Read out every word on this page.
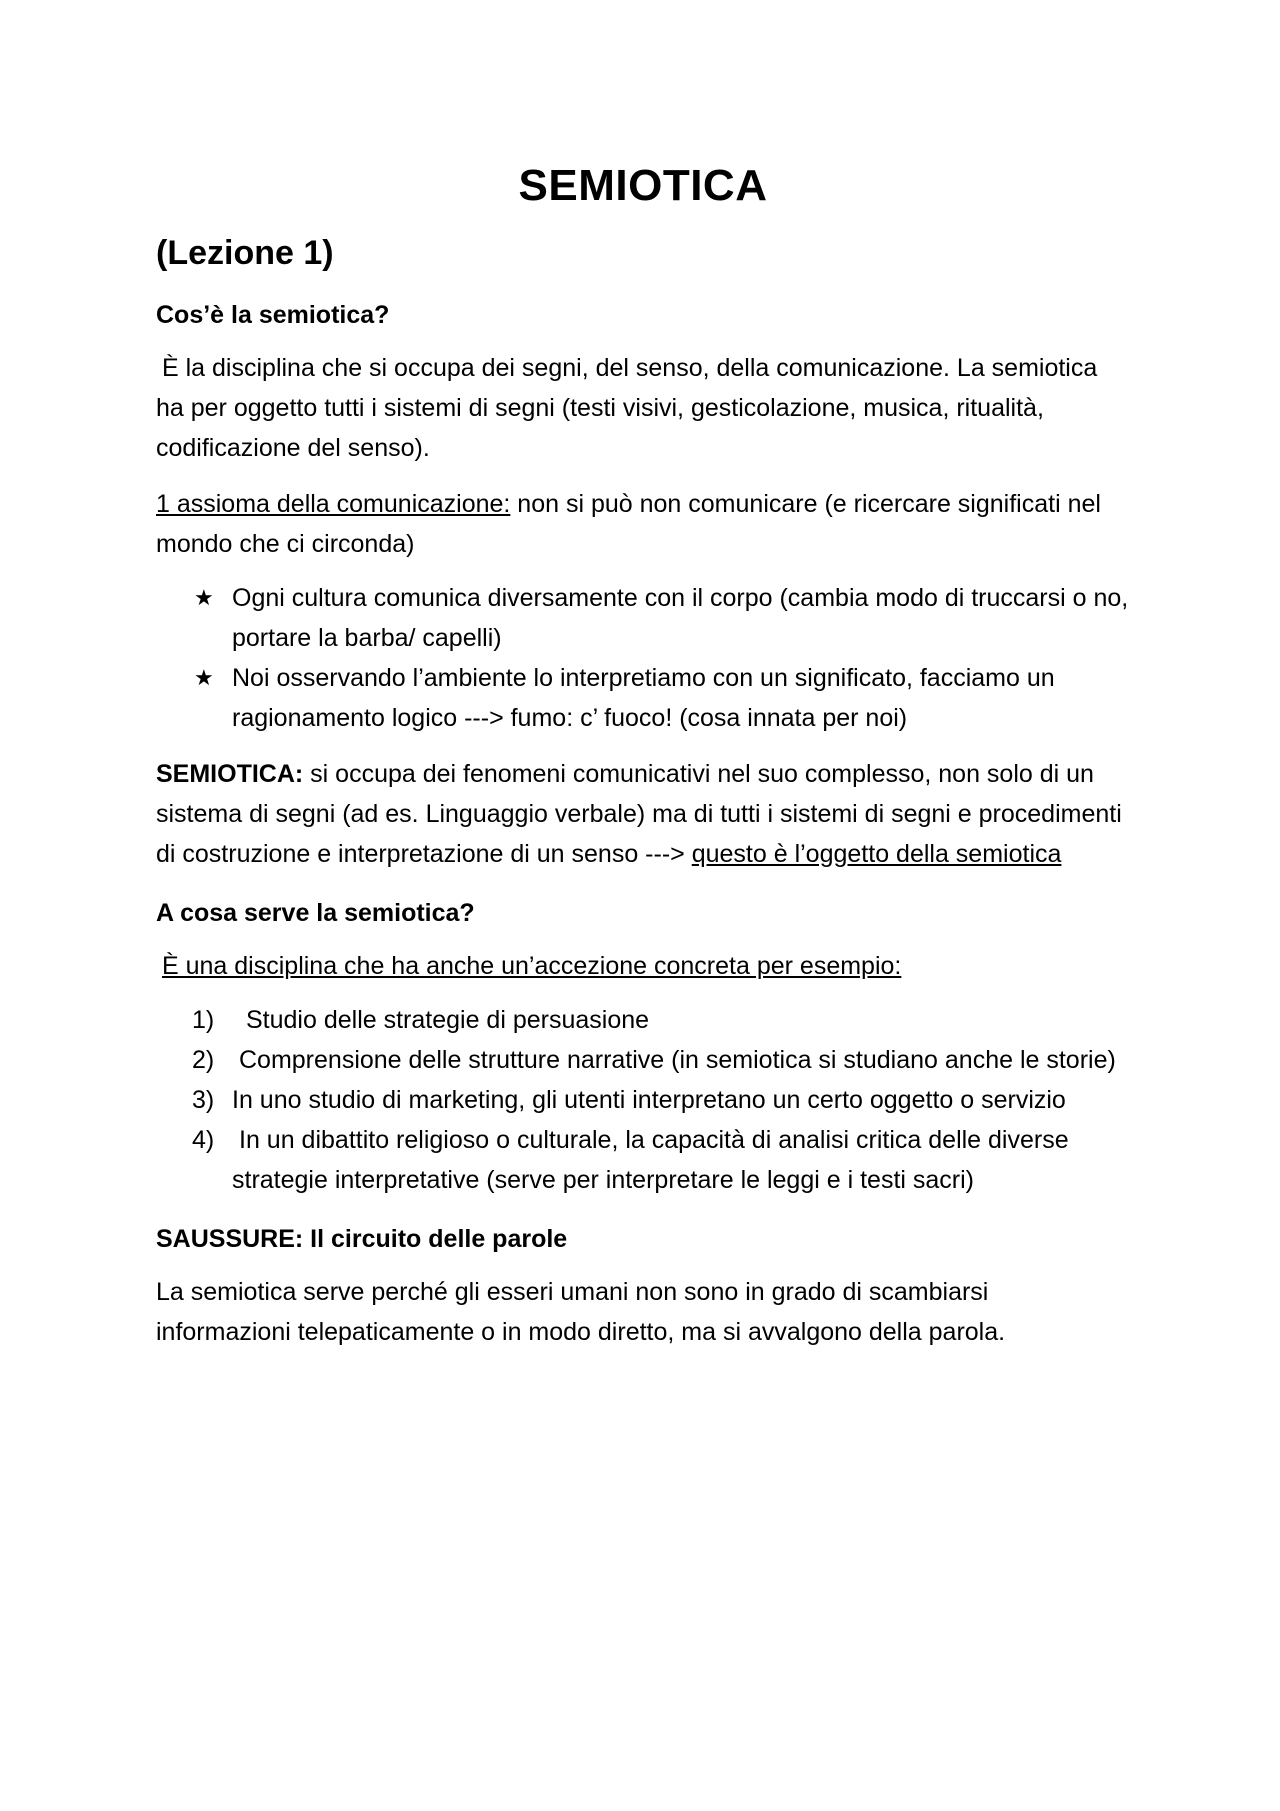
SEMIOTICA
(Lezione 1)
Cos’è la semiotica?

È la disciplina che si occupa dei segni, del senso, della comunicazione. La semiotica ha per oggetto tutti i sistemi di segni (testi visivi, gesticolazione, musica, ritualità, codificazione del senso).

1 assioma della comunicazione: non si può non comunicare (e ricercare significati nel mondo che ci circonda)

★ Ogni cultura comunica diversamente con il corpo (cambia modo di truccarsi o no, portare la barba/ capelli)
★ Noi osservando l’ambiente lo interpretiamo con un significato, facciamo un ragionamento logico ---> fumo: c’ fuoco! (cosa innata per noi)

SEMIOTICA: si occupa dei fenomeni comunicativi nel suo complesso, non solo di un sistema di segni (ad es. Linguaggio verbale) ma di tutti i sistemi di segni e procedimenti di costruzione e interpretazione di un senso ---> questo è l’oggetto della semiotica

A cosa serve la semiotica?

È una disciplina che ha anche un’accezione concreta per esempio:

1) Studio delle strategie di persuasione
2) Comprensione delle strutture narrative (in semiotica si studiano anche le storie)
3) In uno studio di marketing, gli utenti interpretano un certo oggetto o servizio
4) In un dibattito religioso o culturale, la capacità di analisi critica delle diverse strategie interpretative (serve per interpretare le leggi e i testi sacri)
SAUSSURE: Il circuito delle parole

La semiotica serve perché gli esseri umani non sono in grado di scambiarsi informazioni telepaticamente o in modo diretto, ma si avvalgono della parola.
